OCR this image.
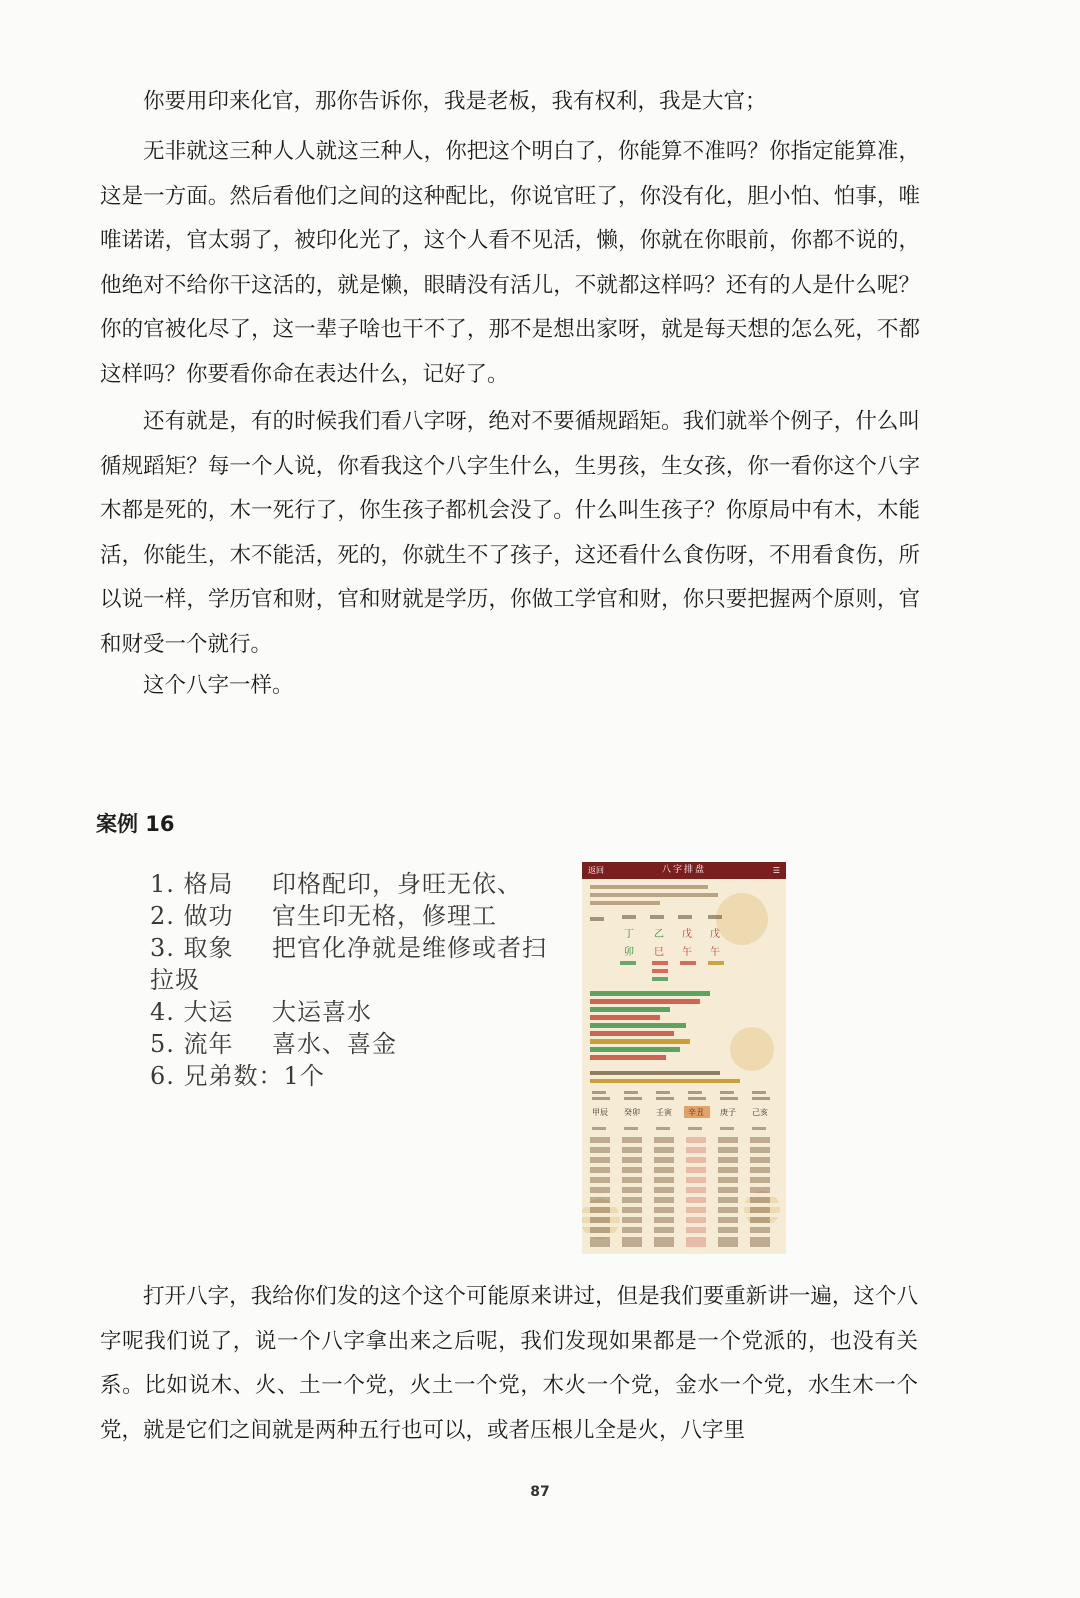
你要用印来化官，那你告诉你，我是老板，我有权利，我是大官；

无非就这三种人人就这三种人，你把这个明白了，你能算不准吗？你指定能算准，这是一方面。然后看他们之间的这种配比，你说官旺了，你没有化，胆小怕、怕事，唯唯诺诺，官太弱了，被印化光了，这个人看不见活，懒，你就在你眼前，你都不说的，他绝对不给你干这活的，就是懒，眼睛没有活儿，不就都这样吗？还有的人是什么呢？你的官被化尽了，这一辈子啥也干不了，那不是想出家呀，就是每天想的怎么死，不都这样吗？你要看你命在表达什么，记好了。

还有就是，有的时候我们看八字呀，绝对不要循规蹈矩。我们就举个例子，什么叫循规蹈矩？每一个人说，你看我这个八字生什么，生男孩，生女孩，你一看你这个八字木都是死的，木一死行了，你生孩子都机会没了。什么叫生孩子？你原局中有木，木能活，你能生，木不能活，死的，你就生不了孩子，这还看什么食伤呀，不用看食伤，所以说一样，学历官和财，官和财就是学历，你做工学官和财，你只要把握两个原则，官和财受一个就行。

这个八字一样。

案例 16
1. 格局	印格配印，身旺无依、
2. 做功	官生印无格，修理工
3. 取象	把官化净就是维修或者扫

拉圾

4. 大运	大运喜水
5. 流年	喜水、喜金
6. 兄弟数： 1个
返回	八字排盘	☰
丁 乙 戊 戊
卯 巳 午 午
甲辰 癸卯 壬寅 辛丑 庚子 己亥

打开八字，我给你们发的这个这个可能原来讲过，但是我们要重新讲一遍，这个八字呢我们说了，说一个八字拿出来之后呢，我们发现如果都是一个党派的，也没有关系。比如说木、火、土一个党，火土一个党，木火一个党，金水一个党，水生木一个党，就是它们之间就是两种五行也可以，或者压根儿全是火，八字里

87
